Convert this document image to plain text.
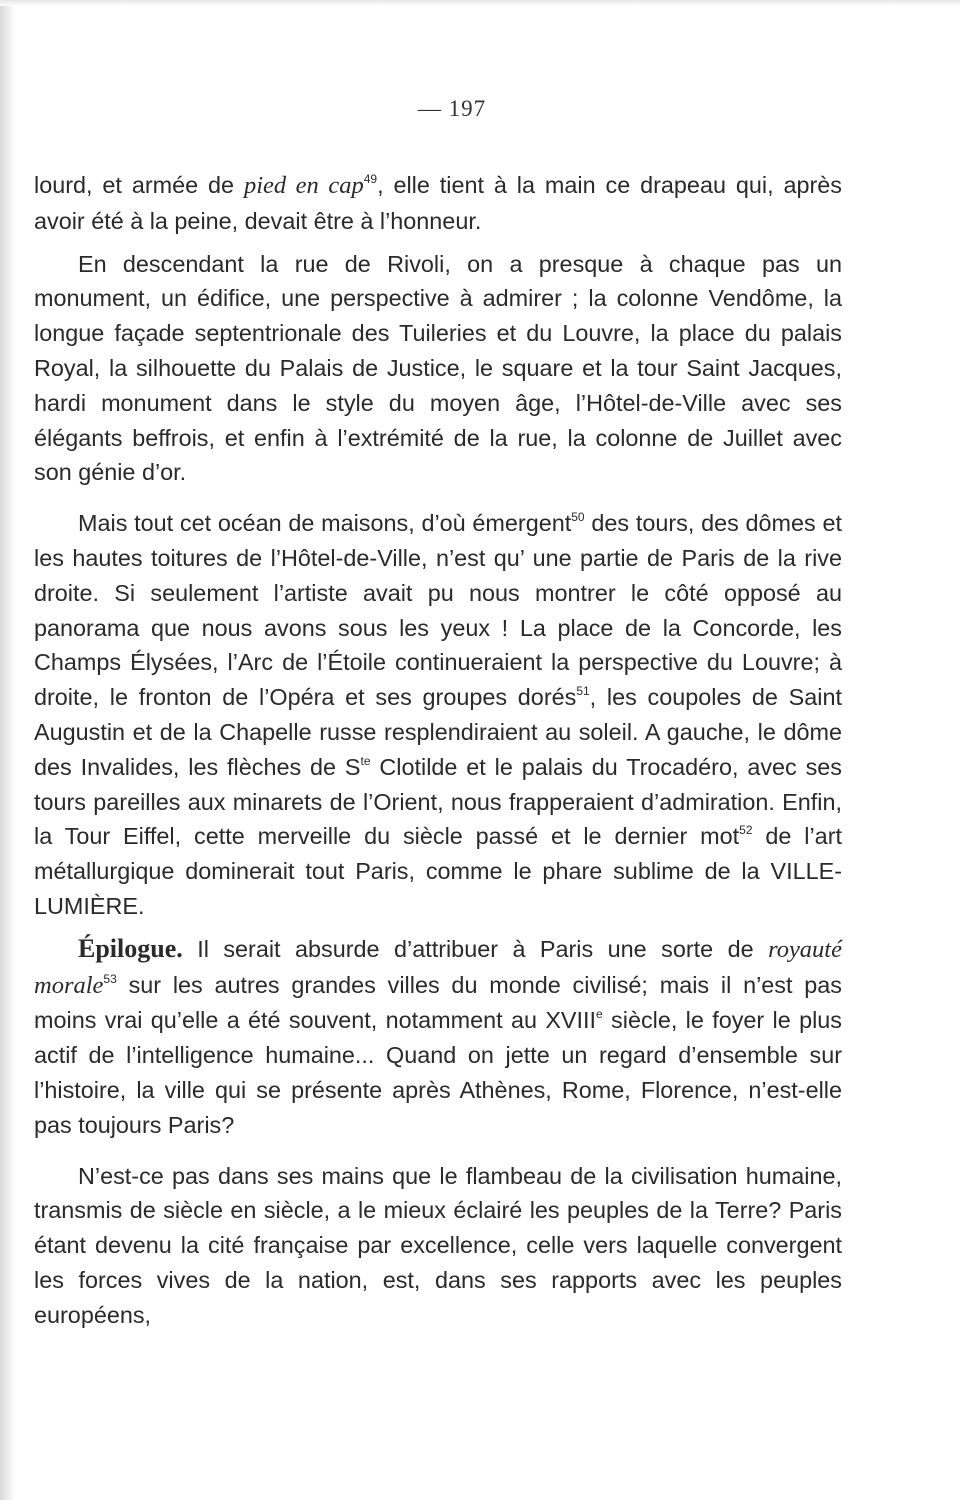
— 197

lourd, et armée de pied en cap$^{49}$, elle tient à la main ce drapeau qui, après avoir été à la peine, devait être à l’honneur.

En descendant la rue de Rivoli, on a presque à chaque pas un monument, un édifice, une perspective à admirer ; la colonne Vendôme, la longue façade septentrionale des Tuileries et du Louvre, la place du palais Royal, la silhouette du Palais de Justice, le square et la tour Saint Jacques, hardi monument dans le style du moyen âge, l’Hôtel-de-Ville avec ses élégants beffrois, et enfin à l’extrémité de la rue, la colonne de Juillet avec son génie d’or.

Mais tout cet océan de maisons, d’où émergent$^{50}$ des tours, des dômes et les hautes toitures de l’Hôtel-de-Ville, n’est qu’ une partie de Paris de la rive droite. Si seulement l’artiste avait pu nous montrer le côté opposé au panorama que nous avons sous les yeux ! La place de la Concorde, les Champs Élysées, l’Arc de l’Étoile continueraient la perspective du Louvre; à droite, le fronton de l’Opéra et ses groupes dorés$^{51}$, les coupoles de Saint Augustin et de la Chapelle russe resplendiraient au soleil. A gauche, le dôme des Invalides, les flèches de $S^{te}$ Clotilde et le palais du Trocadéro, avec ses tours pareilles aux minarets de l’Orient, nous frapperaient d’admiration. Enfin, la Tour Eiffel, cette merveille du siècle passé et le dernier mot$^{52}$ de l’art métallurgique dominerait tout Paris, comme le phare sublime de la VILLE-LUMIÈRE.

Épilogue. Il serait absurde d’attribuer à Paris une sorte de royauté morale$^{53}$ sur les autres grandes villes du monde civilisé; mais il n’est pas moins vrai qu’elle a été souvent, notamment au XVIIIe siècle, le foyer le plus actif de l’intelligence humaine... Quand on jette un regard d’ensemble sur l’histoire, la ville qui se présente après Athènes, Rome, Florence, n’est-elle pas toujours Paris?

N’est-ce pas dans ses mains que le flambeau de la civilisation humaine, transmis de siècle en siècle, a le mieux éclairé les peuples de la Terre? Paris étant devenu la cité française par excellence, celle vers laquelle convergent les forces vives de la nation, est, dans ses rapports avec les peuples européens,
